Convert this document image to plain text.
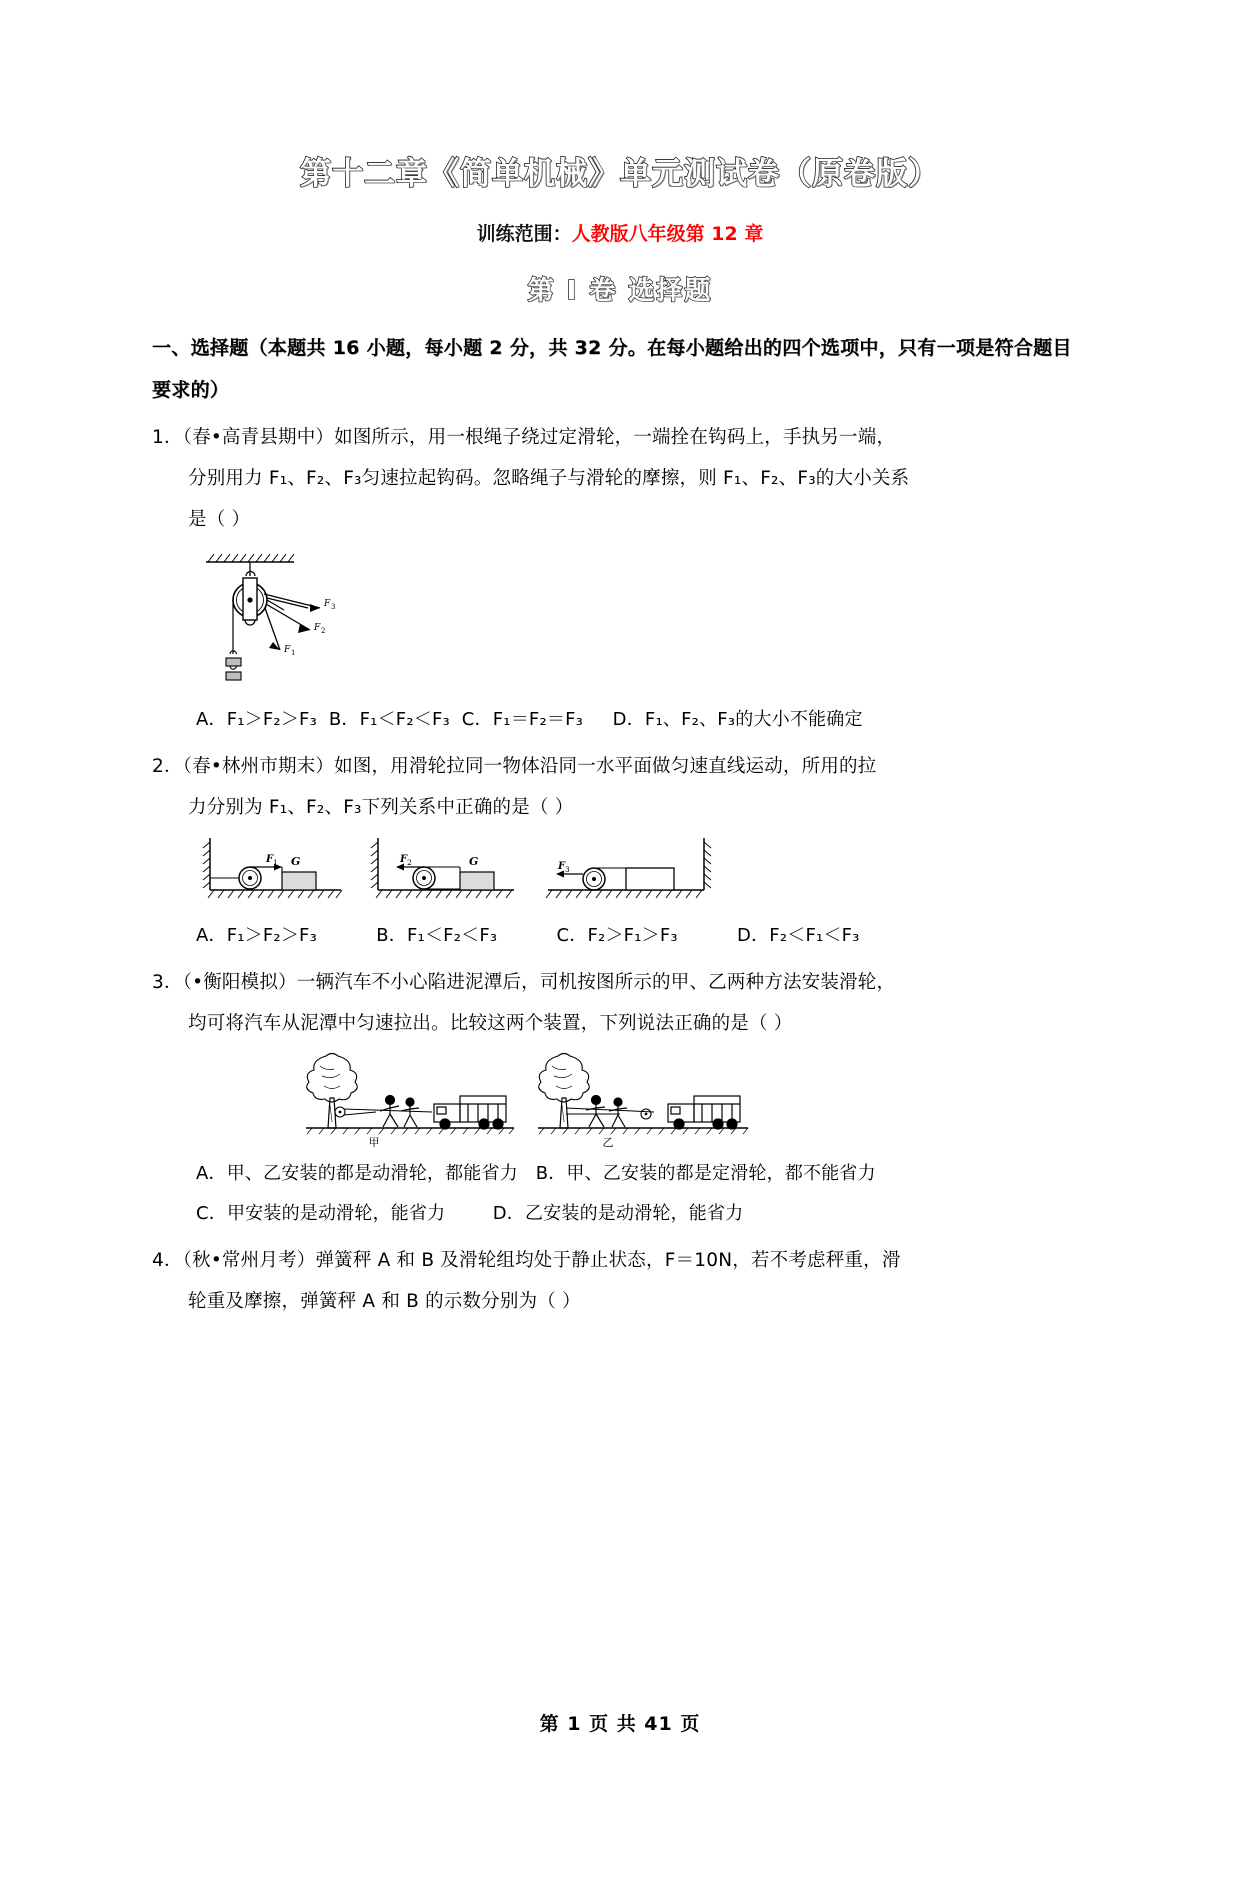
第十二章《简单机械》单元测试卷（原卷版）
训练范围：人教版八年级第 12 章
第 I 卷 选择题
一、选择题（本题共 16 小题，每小题 2 分，共 32 分。在每小题给出的四个选项中，只有一项是符合题目要求的）
1．（春•高青县期中）如图所示，用一根绳子绕过定滑轮，一端拴在钩码上，手执另一端，
分别用力 F₁、F₂、F₃匀速拉起钩码。忽略绳子与滑轮的摩擦，则 F₁、F₂、F₃的大小关系
是（ ）
F 3
F 2
F 1
A．F₁＞F₂＞F₃ B．F₁＜F₂＜F₃ C．F₁＝F₂＝F₃ D．F₁、F₂、F₃的大小不能确定
2．（春•林州市期末）如图，用滑轮拉同一物体沿同一水平面做匀速直线运动，所用的拉
力分别为 F₁、F₂、F₃下列关系中正确的是（ ）
F 1 G	F 2	G	F 3
A．F₁＞F₂＞F₃	B．F₁＜F₂＜F₃	C．F₂＞F₁＞F₃	D．F₂＜F₁＜F₃
3．（•衡阳模拟）一辆汽车不小心陷进泥潭后，司机按图所示的甲、乙两种方法安装滑轮，
均可将汽车从泥潭中匀速拉出。比较这两个装置，下列说法正确的是（ ）
甲	乙
A．甲、乙安装的都是动滑轮，都能省力 B．甲、乙安装的都是定滑轮，都不能省力
C．甲安装的是动滑轮，能省力	D．乙安装的是动滑轮，能省力
4．（秋•常州月考）弹簧秤 A 和 B 及滑轮组均处于静止状态，F＝10N，若不考虑秤重，滑
轮重及摩擦，弹簧秤 A 和 B 的示数分别为（ ）
第 1 页 共 41 页
